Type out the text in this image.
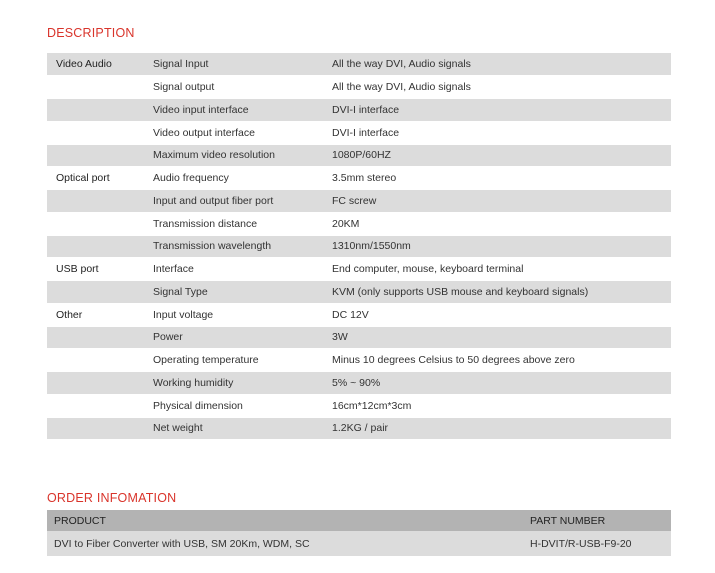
DESCRIPTION
Video Audio	Signal Input	All the way DVI, Audio signals
	Signal output	All the way DVI, Audio signals
	Video input interface	DVI-I interface
	Video output interface	DVI-I interface
	Maximum video resolution	1080P/60HZ
Optical port	Audio frequency	3.5mm stereo
	Input and output fiber port	FC screw
	Transmission distance	20KM
	Transmission wavelength	1310nm/1550nm
USB port	Interface	End computer, mouse, keyboard terminal
	Signal Type	KVM (only supports USB mouse and keyboard signals)
Other	Input voltage	DC 12V
	Power	3W
	Operating temperature	Minus 10 degrees Celsius to 50 degrees above zero
	Working humidity	5% ~ 90%
	Physical dimension	16cm*12cm*3cm
	Net weight	1.2KG / pair
ORDER INFOMATION
PRODUCT	PART NUMBER
DVI to Fiber Converter with USB, SM 20Km, WDM, SC	H-DVIT/R-USB-F9-20
